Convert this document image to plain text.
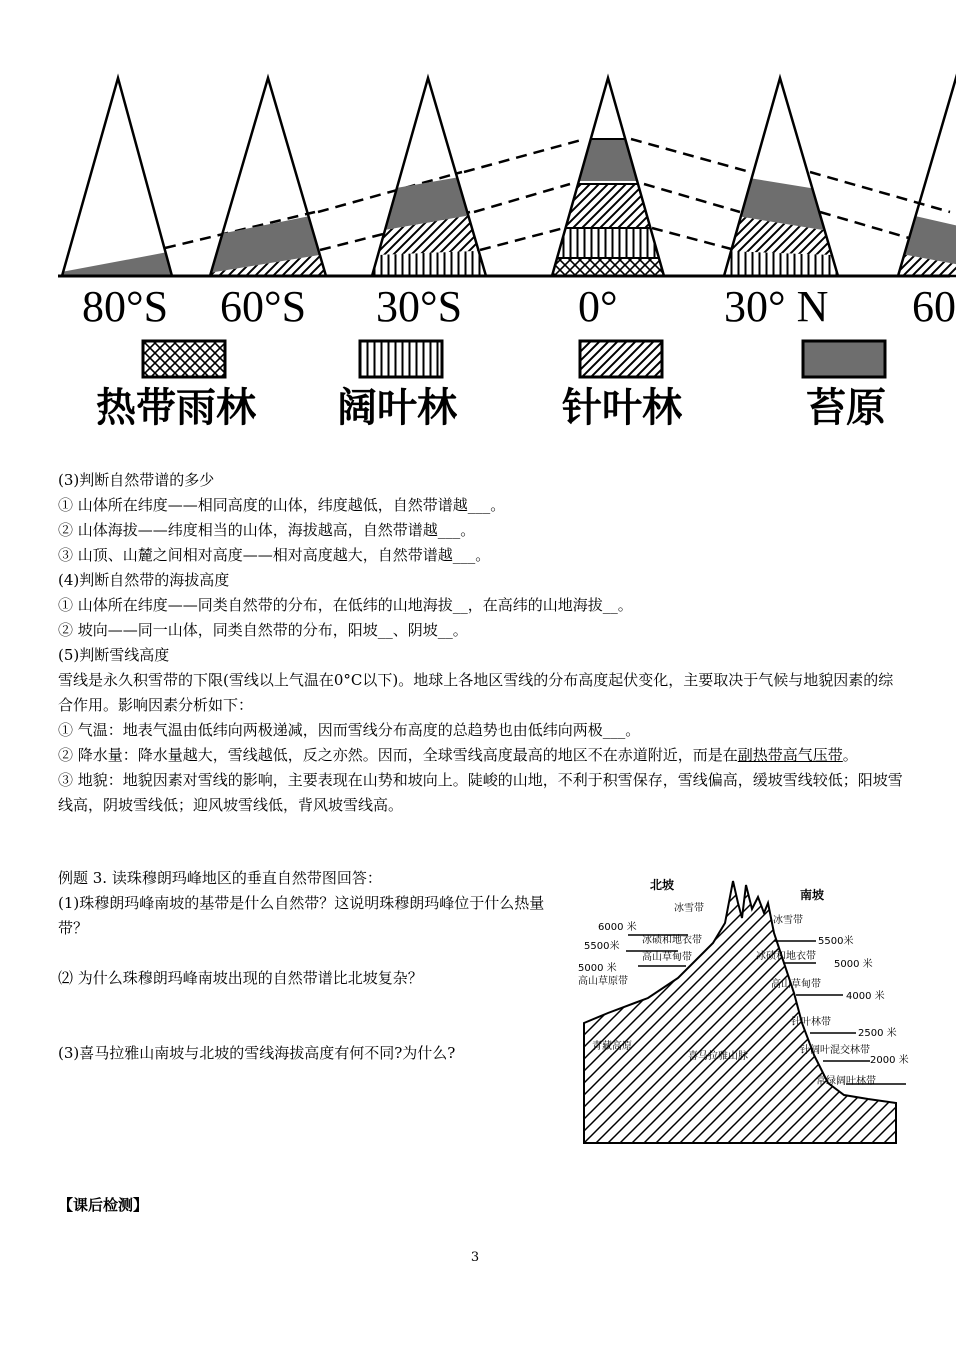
80°S 60°S 30°S	0° 30° N 60
热带雨林 阔叶林	针叶林	苔原

(3)判断自然带谱的多少

① 山体所在纬度——相同高度的山体，纬度越低，自然带谱越___。

② 山体海拔——纬度相当的山体，海拔越高，自然带谱越___。

③ 山顶、山麓之间相对高度——相对高度越大，自然带谱越___。

(4)判断自然带的海拔高度

① 山体所在纬度——同类自然带的分布，在低纬的山地海拔__，在高纬的山地海拔__。

② 坡向——同一山体，同类自然带的分布，阳坡__、阴坡__。

(5)判断雪线高度

雪线是永久积雪带的下限(雪线以上气温在0°C以下)。地球上各地区雪线的分布高度起伏变化，主要取决于气候与地貌因素的综合作用。影响因素分析如下：

① 气温：地表气温由低纬向两极递减，因而雪线分布高度的总趋势也由低纬向两极___。

② 降水量：降水量越大，雪线越低，反之亦然。因而，全球雪线高度最高的地区不在赤道附近，而是在副热带高气压带。

③ 地貌：地貌因素对雪线的影响，主要表现在山势和坡向上。陡峻的山地，不利于积雪保存，雪线偏高，缓坡雪线较低；阳坡雪线高，阴坡雪线低；迎风坡雪线低，背风坡雪线高。

例题 3. 读珠穆朗玛峰地区的垂直自然带图回答：

(1)珠穆朗玛峰南坡的基带是什么自然带？这说明珠穆朗玛峰位于什么热量带？

⑵ 为什么珠穆朗玛峰南坡出现的自然带谱比北坡复杂？
(3)喜马拉雅山南坡与北坡的雪线海拔高度有何不同?为什么?
北坡
南坡
6000 米
5500米
5000 米
高山草原带
冰雪带
冰碛和地衣带
高山草甸带
青藏高原
冰雪带
5500米
冰碛和地衣带
5000 米
高山草甸带
4000 米
针叶林带
2500 米
针阔叶混交林带
2000 米
常绿阔叶林带
喜马拉雅山脉
【课后检测】
3
